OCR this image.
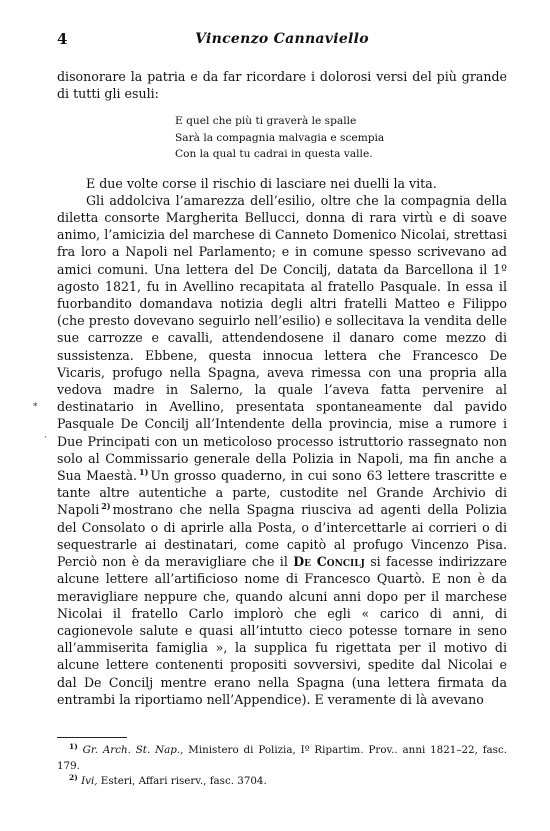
4	Vincenzo Cannaviello

disonorare la patria e da far ricordare i dolorosi versi del più grande di tutti gli esuli:

E quel che più ti graverà le spalle
Sarà la compagnia malvagia e scempia
Con la qual tu cadrai in questa valle.

E due volte corse il rischio di lasciare nei duelli la vita.

Gli addolciva l’amarezza dell’esilio, oltre che la compagnia della diletta consorte Margherita Bellucci, donna di rara virtù e di soave animo, l’amicizia del marchese di Canneto Domenico Nicolai, strettasi fra loro a Napoli nel Parlamento; e in comune spesso scrivevano ad amici comuni. Una lettera del De Concilj, datata da Barcellona il 1º agosto 1821, fu in Avellino recapitata al fratello Pasquale. In essa il fuorbandito domandava notizia degli altri fratelli Matteo e Filippo (che presto dovevano seguirlo nell’esilio) e sollecitava la vendita delle sue carrozze e cavalli, attendendosene il danaro come mezzo di sussistenza. Ebbene, questa innocua lettera che Francesco De Vicaris, profugo nella Spagna, aveva rimessa con una propria alla vedova madre in Salerno, la quale l’aveva fatta pervenire al destinatario in Avellino, presentata spontaneamente dal pavido Pasquale De Concilj all’Intendente della provincia, mise a rumore i Due Principati con un meticoloso processo istruttorio rassegnato non solo al Commissario generale della Polizia in Napoli, ma fin anche a Sua Maestà. $^{1)}$ Un grosso quaderno, in cui sono 63 lettere trascritte e tante altre autentiche a parte, custodite nel Grande Archivio di Napoli $^{2)}$ mostrano che nella Spagna riusciva ad agenti della Polizia del Consolato o di aprirle alla Posta, o d’intercettarle ai corrieri o di sequestrarle ai destinatari, come capitò al profugo Vincenzo Pisa. Perciò non è da meravigliare che il De Concilj si facesse indirizzare alcune lettere all’artificioso nome di Francesco Quartò. E non è da meravigliare neppure che, quando alcuni anni dopo per il marchese Nicolai il fratello Carlo implorò che egli « carico di anni, di cagionevole salute e quasi all’intutto cieco potesse tornare in seno all’ammiserita famiglia », la supplica fu rigettata per il motivo di alcune lettere contenenti propositi sovversivi, spedite dal Nicolai e dal De Concilj mentre erano nella Spagna (una lettera firmata da entrambi la riportiamo nell’Appendice). E veramente di là avevano

$^{1)}$ Gr. Arch. St. Nap., Ministero di Polizia, Iº Ripartim. Prov.. anni 1821–22, fasc. 179.

$^{2)}$ Ivi, Esteri, Affari riserv., fasc. 3704.

⁎
·
